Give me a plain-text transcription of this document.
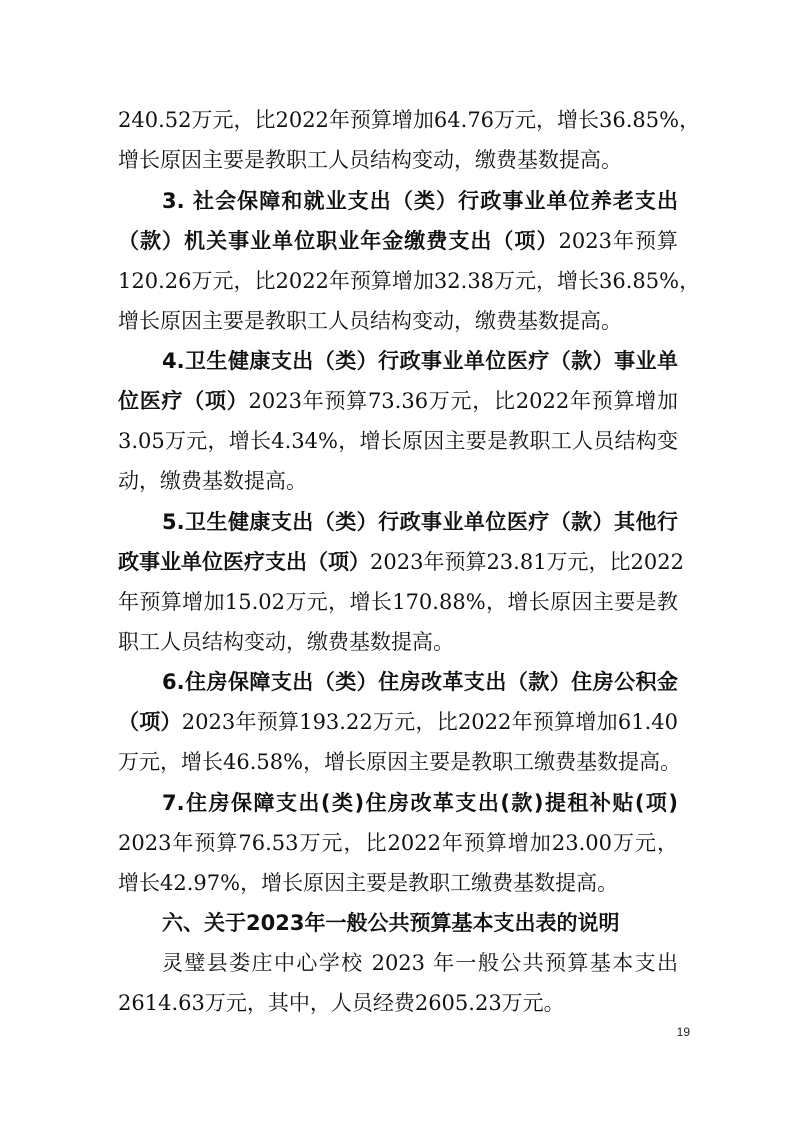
240.52万元，比2022年预算增加64.76万元，增长36.85%，
增长原因主要是教职工人员结构变动，缴费基数提高。
3. 社会保障和就业支出（类）行政事业单位养老支出
（款）机关事业单位职业年金缴费支出（项）2023年预算
120.26万元，比2022年预算增加32.38万元，增长36.85%，
增长原因主要是教职工人员结构变动，缴费基数提高。
4.卫生健康支出（类）行政事业单位医疗（款）事业单
位医疗（项）2023年预算73.36万元，比2022年预算增加
3.05万元，增长4.34%，增长原因主要是教职工人员结构变
动，缴费基数提高。
5.卫生健康支出（类）行政事业单位医疗（款）其他行
政事业单位医疗支出（项）2023年预算23.81万元，比2022
年预算增加15.02万元，增长170.88%，增长原因主要是教
职工人员结构变动，缴费基数提高。
6.住房保障支出（类）住房改革支出（款）住房公积金
（项）2023年预算193.22万元，比2022年预算增加61.40
万元，增长46.58%，增长原因主要是教职工缴费基数提高。
7.住房保障支出(类)住房改革支出(款)提租补贴(项)
2023年预算76.53万元，比2022年预算增加23.00万元，
增长42.97%，增长原因主要是教职工缴费基数提高。
六、关于2023年一般公共预算基本支出表的说明
灵璧县娄庄中心学校 2023 年一般公共预算基本支出
2614.63万元，其中，人员经费2605.23万元。
19
